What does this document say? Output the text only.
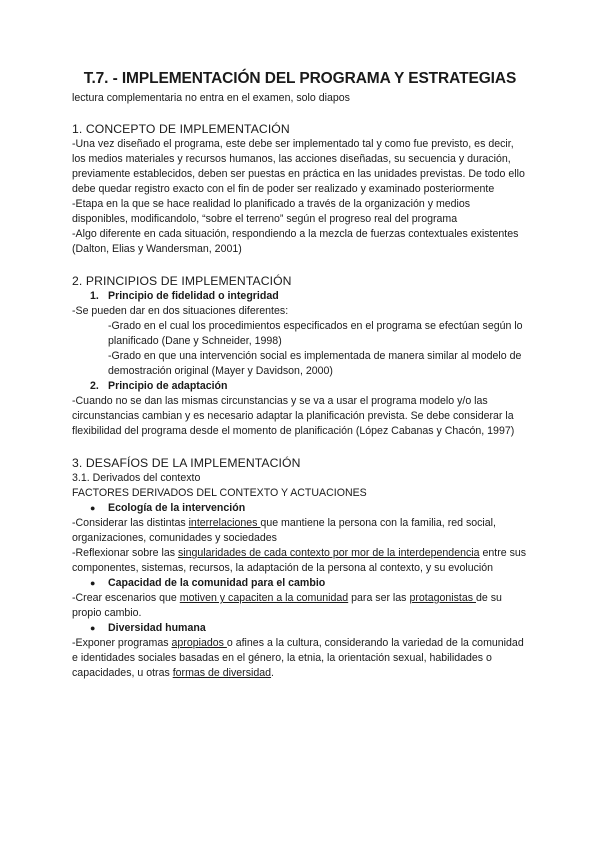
T.7. - IMPLEMENTACIÓN DEL PROGRAMA Y ESTRATEGIAS

lectura complementaria no entra en el examen, solo diapos

1. CONCEPTO DE IMPLEMENTACIÓN

-Una vez diseñado el programa, este debe ser implementado tal y como fue previsto, es decir, los medios materiales y recursos humanos, las acciones diseñadas, su secuencia y duración, previamente establecidos, deben ser puestas en práctica en las unidades previstas. De todo ello debe quedar registro exacto con el fin de poder ser realizado y examinado posteriormente

-Etapa en la que se hace realidad lo planificado a través de la organización y medios disponibles, modificandolo, “sobre el terreno” según el progreso real del programa

-Algo diferente en cada situación, respondiendo a la mezcla de fuerzas contextuales existentes (Dalton, Elias y Wandersman, 2001)

2. PRINCIPIOS DE IMPLEMENTACIÓN

1. Principio de fidelidad o integridad

-Se pueden dar en dos situaciones diferentes:

-Grado en el cual los procedimientos especificados en el programa se efectúan según lo planificado (Dane y Schneider, 1998)

-Grado en que una intervención social es implementada de manera similar al modelo de demostración original (Mayer y Davidson, 2000)

2. Principio de adaptación

-Cuando no se dan las mismas circunstancias y se va a usar el programa modelo y/o las circunstancias cambian y es necesario adaptar la planificación prevista. Se debe considerar la flexibilidad del programa desde el momento de planificación (López Cabanas y Chacón, 1997)

3. DESAFÍOS DE LA IMPLEMENTACIÓN

3.1. Derivados del contexto

FACTORES DERIVADOS DEL CONTEXTO Y ACTUACIONES

● Ecología de la intervención

-Considerar las distintas interrelaciones que mantiene la persona con la familia, red social, organizaciones, comunidades y sociedades

-Reflexionar sobre las singularidades de cada contexto por mor de la interdependencia entre sus componentes, sistemas, recursos, la adaptación de la persona al contexto, y su evolución

● Capacidad de la comunidad para el cambio

-Crear escenarios que motiven y capaciten a la comunidad para ser las protagonistas de su propio cambio.

● Diversidad humana

-Exponer programas apropiados o afines a la cultura, considerando la variedad de la comunidad e identidades sociales basadas en el género, la etnia, la orientación sexual, habilidades o capacidades, u otras formas de diversidad.
